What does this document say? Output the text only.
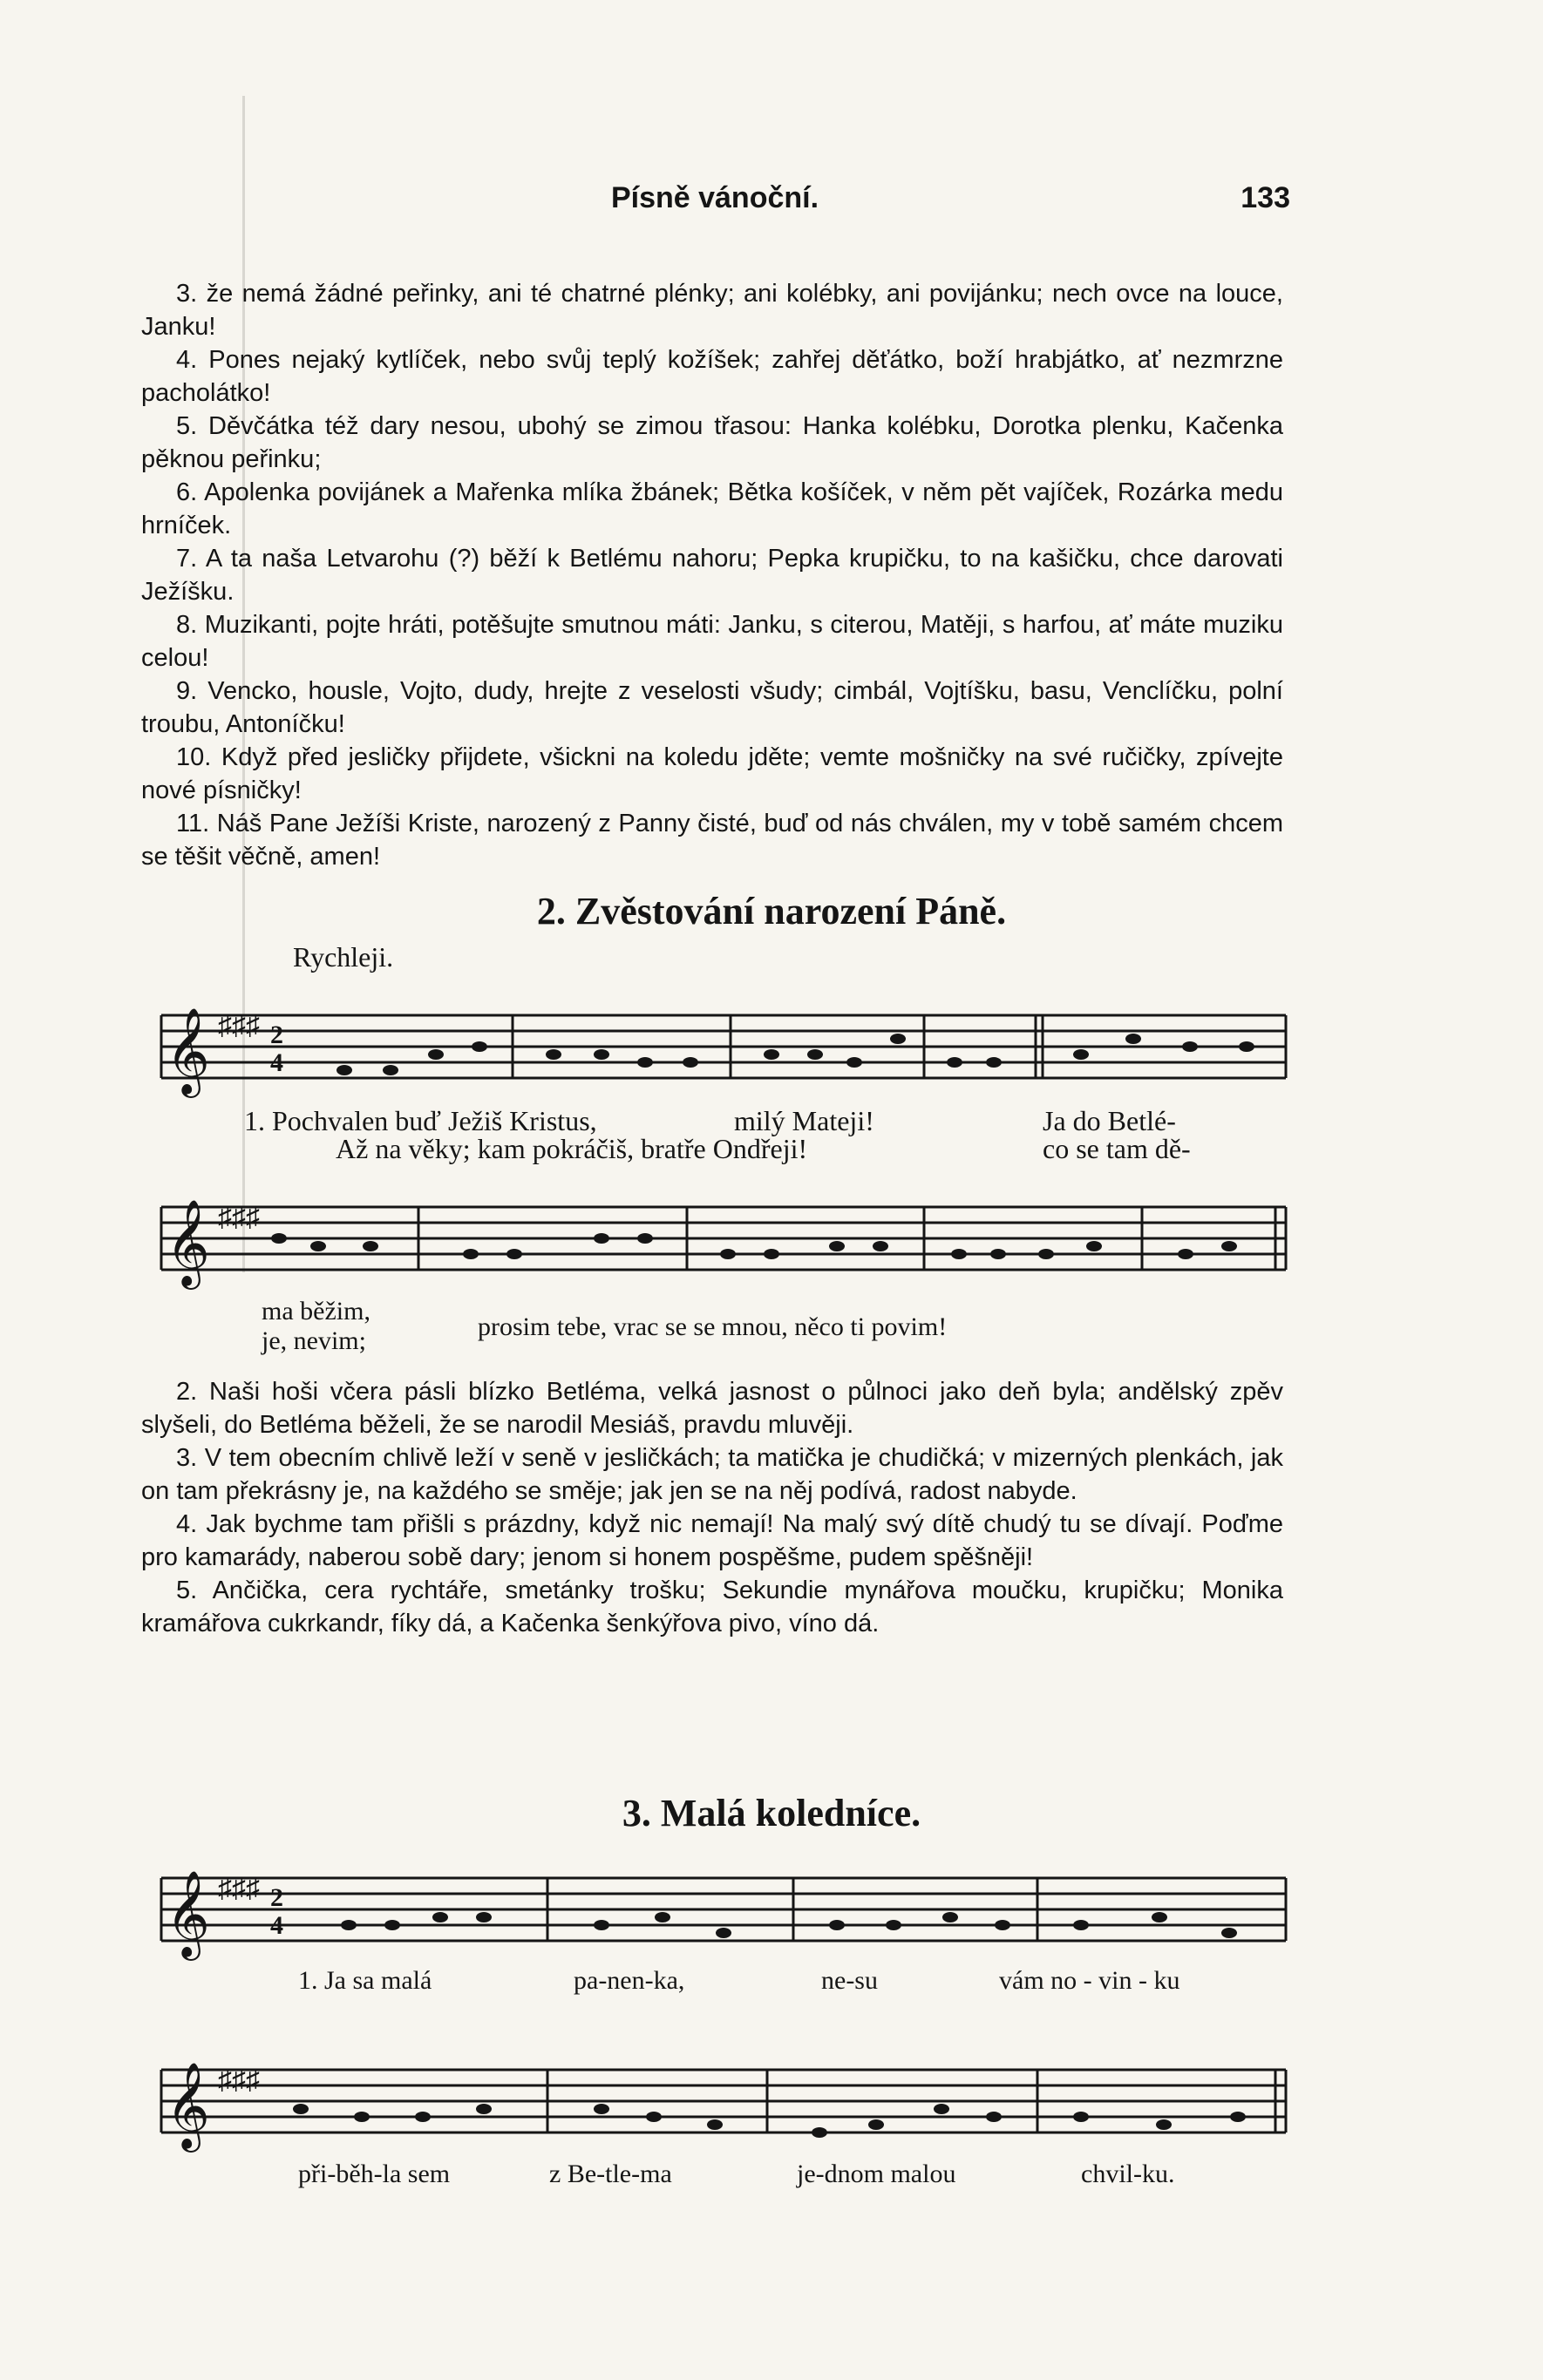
Písně vánoční.	133

3. že nemá žádné peřinky, ani té chatrné plénky; ani kolébky, ani povijánku; nech ovce na louce, Janku!

4. Pones nejaký kytlíček, nebo svůj teplý kožíšek; zahřej děťátko, boží hrabjátko, ať nezmrzne pacholátko!

5. Děvčátka též dary nesou, ubohý se zimou třasou: Hanka kolébku, Dorotka plenku, Kačenka pěknou peřinku;

6. Apolenka povijánek a Mařenka mlíka žbánek; Bětka košíček, v něm pět vajíček, Rozárka medu hrníček.

7. A ta naša Letvarohu (?) běží k Betlému nahoru; Pepka krupičku, to na kašičku, chce darovati Ježíšku.

8. Muzikanti, pojte hráti, potěšujte smutnou máti: Janku, s citerou, Matěji, s harfou, ať máte muziku celou!

9. Vencko, housle, Vojto, dudy, hrejte z veselosti všudy; cimbál, Vojtíšku, basu, Venclíčku, polní troubu, Antoníčku!

10. Když před jesličky přijdete, všickni na koledu jděte; vemte mošničky na své ručičky, zpívejte nové písničky!

11. Náš Pane Ježíši Kriste, narozený z Panny čisté, buď od nás chválen, my v tobě samém chcem se těšit věčně, amen!

2. Zvěstování narození Páně.
Rychleji.
𝄞 ♯♯♯ 2
4
1. Pochvalen buď Ježiš Kristus,	milý Mateji!	Ja do Betlé-
Až na věky; kam pokráčiš, bratře Ondřeji!	co se tam dě-
𝄞 ♯♯♯
ma běžim,
je, nevim;	prosim tebe, vrac se se mnou, něco ti povim!

2. Naši hoši včera pásli blízko Betléma, velká jasnost o půlnoci jako deň byla; andělský zpěv slyšeli, do Betléma běželi, že se narodil Mesiáš, pravdu mluvěji.

3. V tem obecním chlivě leží v seně v jesličkách; ta matička je chudičká; v mizerných plenkách, jak on tam překrásny je, na každého se směje; jak jen se na něj podívá, radost nabyde.

4. Jak bychme tam přišli s prázdny, když nic nemají! Na malý svý dítě chudý tu se dívají. Poďme pro kamarády, naberou sobě dary; jenom si honem pospěšme, pudem spěšněji!

5. Ančička, cera rychtáře, smetánky trošku; Sekundie mynářova moučku, krupičku; Monika kramářova cukrkandr, fíky dá, a Kačenka šenkýřova pivo, víno dá.

3. Malá koledníce.
𝄞 ♯♯♯ 2
4
1. Ja sa malá	pa-nen-ka,	ne-su	vám no - vin - ku
𝄞 ♯♯♯
při-běh-la sem	z Be-tle-ma	je-dnom malou	chvil-ku.
